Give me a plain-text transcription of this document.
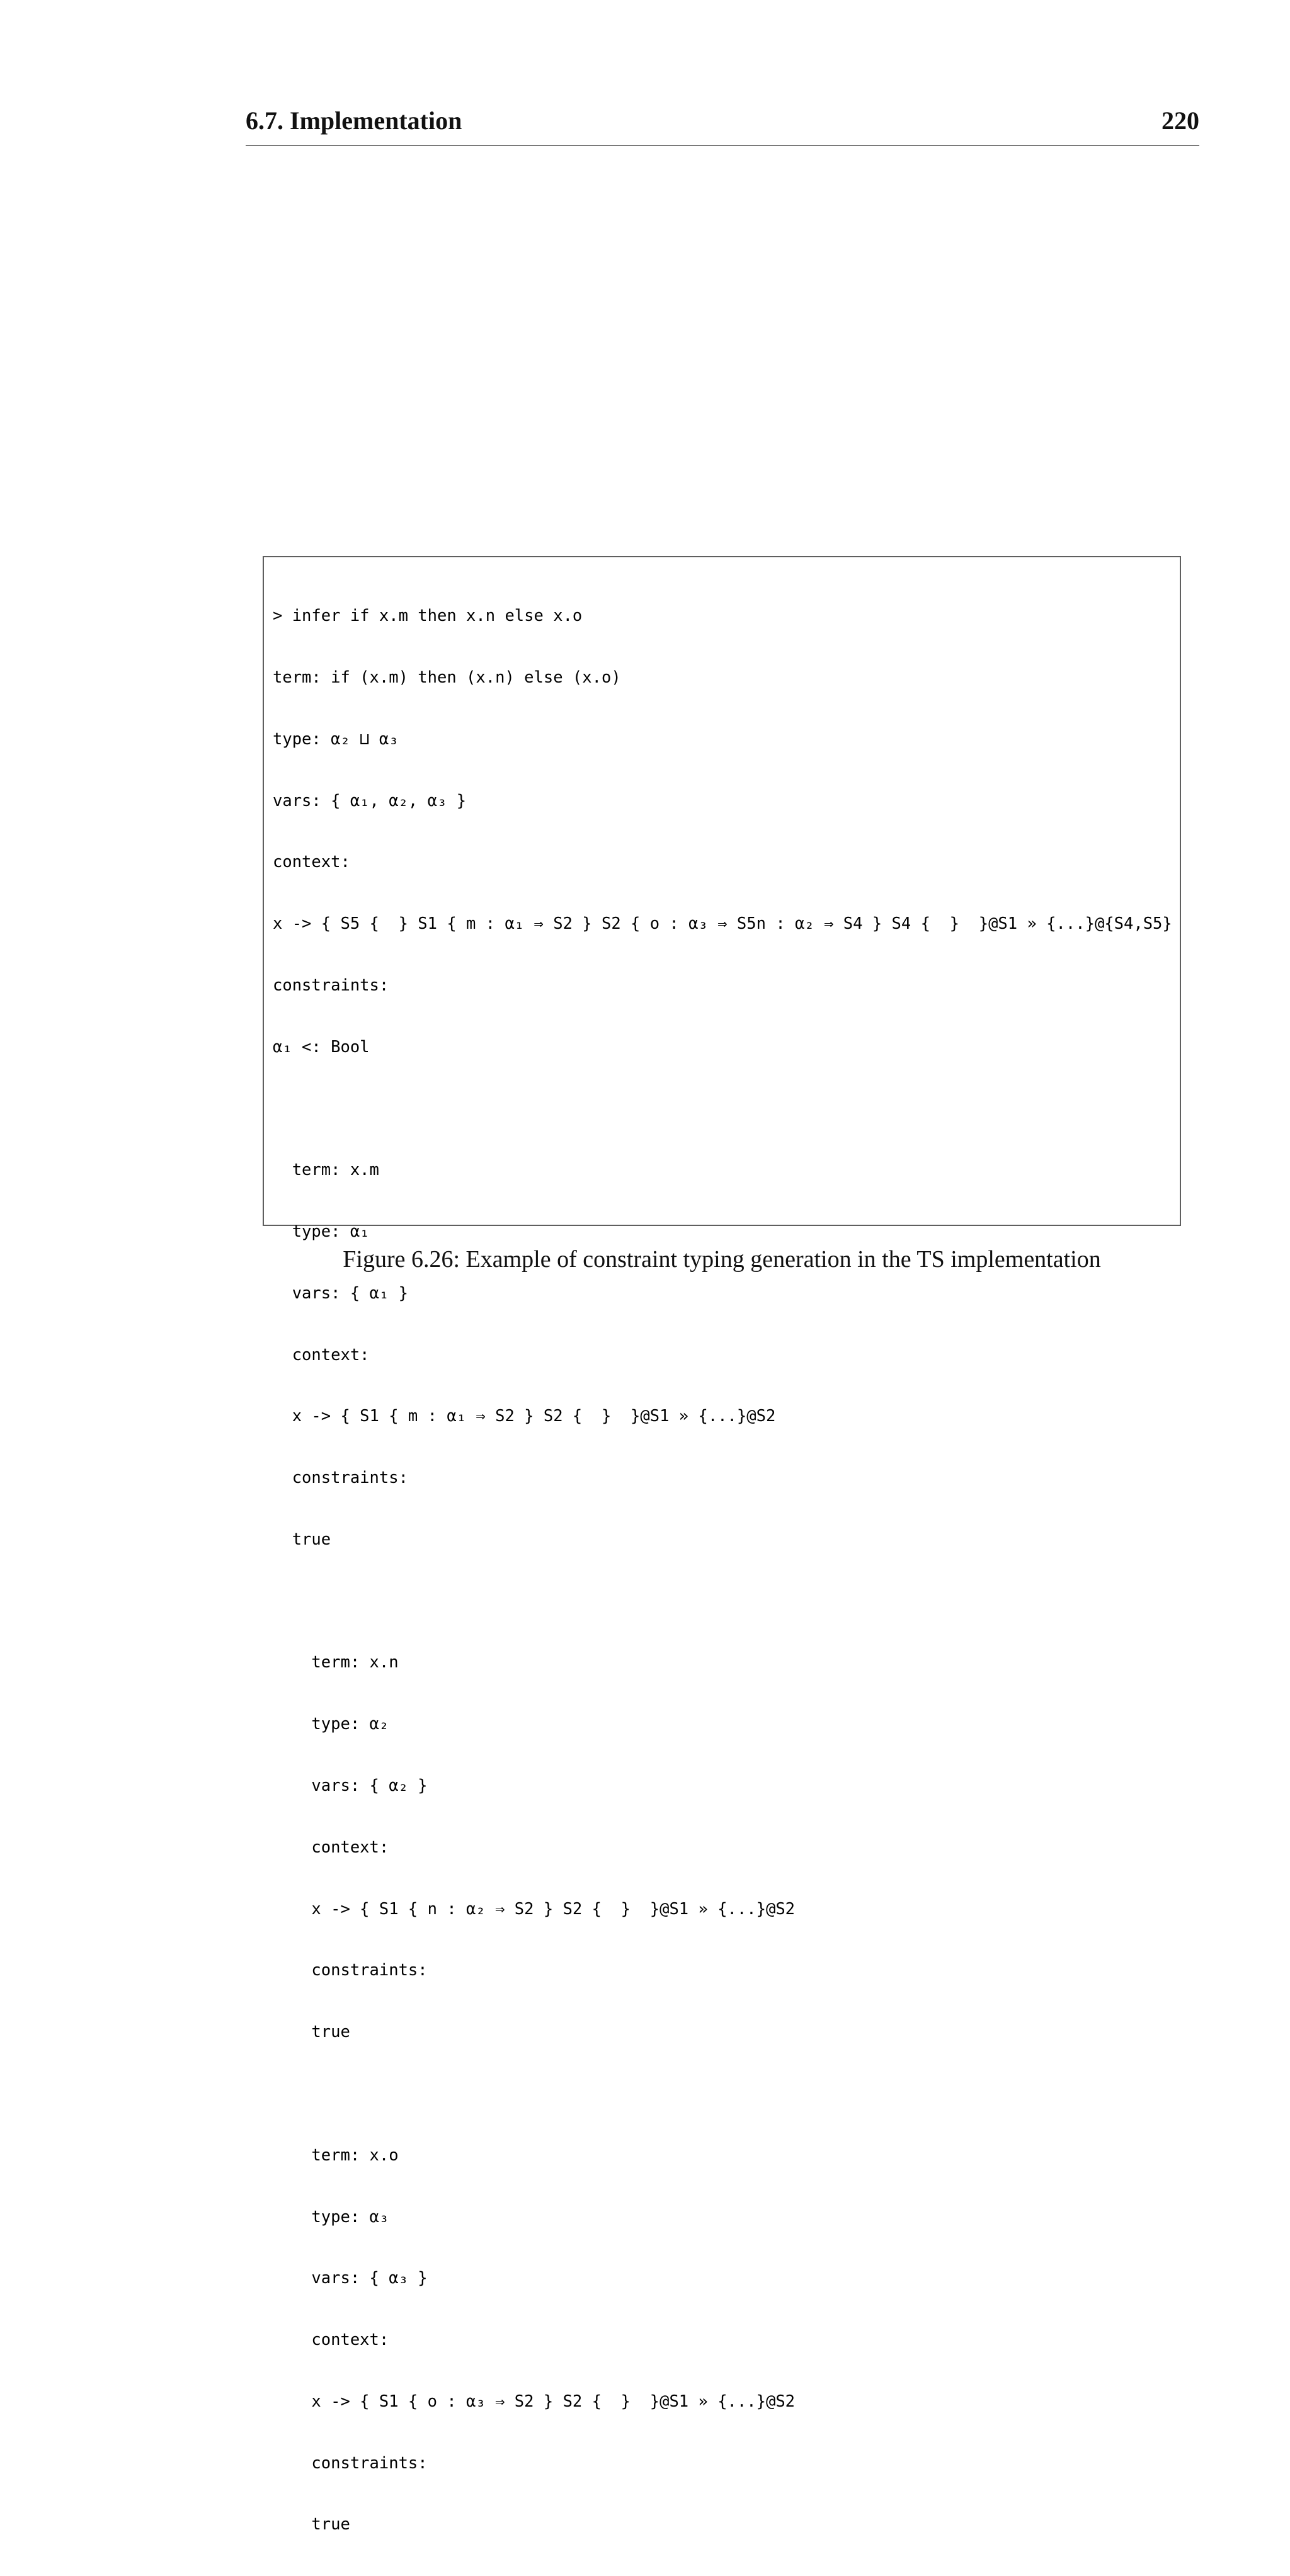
6.7. Implementation	220

> infer if x.m then x.n else x.o

term: if (x.m) then (x.n) else (x.o)

type: α₂ ⊔ α₃

vars: { α₁, α₂, α₃ }

context:

x -> { S5 {  } S1 { m : α₁ ⇒ S2 } S2 { o : α₃ ⇒ S5n : α₂ ⇒ S4 } S4 {  }  }@S1 » {...}@{S4,S5}

constraints:

α₁ <: Bool

term: x.m

type: α₁

vars: { α₁ }

context:

x -> { S1 { m : α₁ ⇒ S2 } S2 {  }  }@S1 » {...}@S2

constraints:

true

term: x.n

type: α₂

vars: { α₂ }

context:

x -> { S1 { n : α₂ ⇒ S2 } S2 {  }  }@S1 » {...}@S2

constraints:

true

term: x.o

type: α₃

vars: { α₃ }

context:

x -> { S1 { o : α₃ ⇒ S2 } S2 {  }  }@S1 » {...}@S2

constraints:

true

Figure 6.26: Example of constraint typing generation in the TS implementation
